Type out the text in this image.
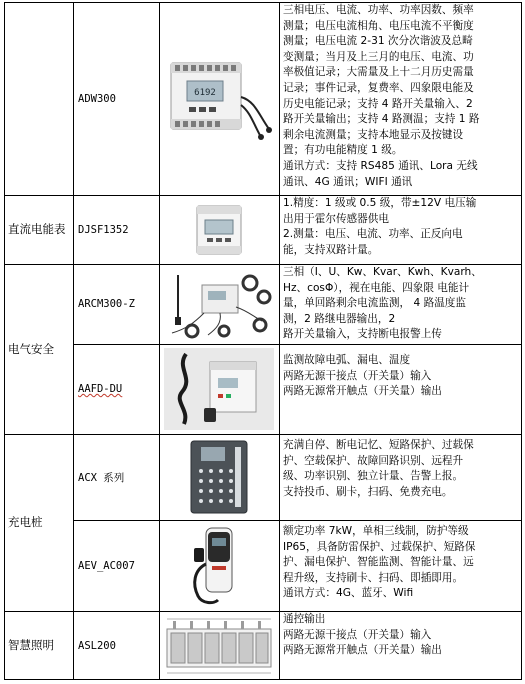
直流电能表
电气安全
充电桩
智慧照明
ADW300
DJSF1352
ARCM300-Z
AAFD-DU
ACX 系列
AEV_AC007
ASL200
6192
三相电压、电流、功率、功率因数、频率
测量；电压电流相角、电压电流不平衡度
测量；电压电流 2-31 次分次谐波及总畸
变测量；当月及上三月的电压、电流、功
率极值记录；大需量及上十二月历史需量
记录；事件记录，复费率、四象限电能及
历史电能记录；支持 4 路开关量输入、2
路开关量输出；支持 4 路测温；支持 1 路
剩余电流测量；支持本地显示及按键设
置；有功电能精度 1 级。
通讯方式：支持 RS485 通讯、Lora 无线
通讯、4G 通讯；WIFI 通讯
1.精度：1 级或 0.5 级，带±12V 电压输
出用于霍尔传感器供电
2.测量：电压、电流、功率、正反向电
能，支持双路计量。
三相（I、U、Kw、Kvar、Kwh、Kvarh、
Hz、cosΦ），视在电能、四象限 电能计
量，单回路剩余电流监测， 4 路温度监
测，2 路继电器输出，2
路开关量输入，支持断电报警上传
监测故障电弧、漏电、温度
两路无源干接点（开关量）输入
两路无源常开触点（开关量）输出
充满自停、断电记忆、短路保护、过载保
护、空载保护、故障回路识别、远程升
级、功率识别、独立计量、告警上报。
支持投币、刷卡，扫码、免费充电。
额定功率 7kW，单相三线制，防护等级
IP65，具备防雷保护、过载保护、短路保
护、漏电保护、智能监测、智能计量、远
程升级，支持刷卡、扫码、即插即用。
通讯方式：4G、蓝牙、Wifi
通控输出
两路无源干接点（开关量）输入
两路无源常开触点（开关量）输出
